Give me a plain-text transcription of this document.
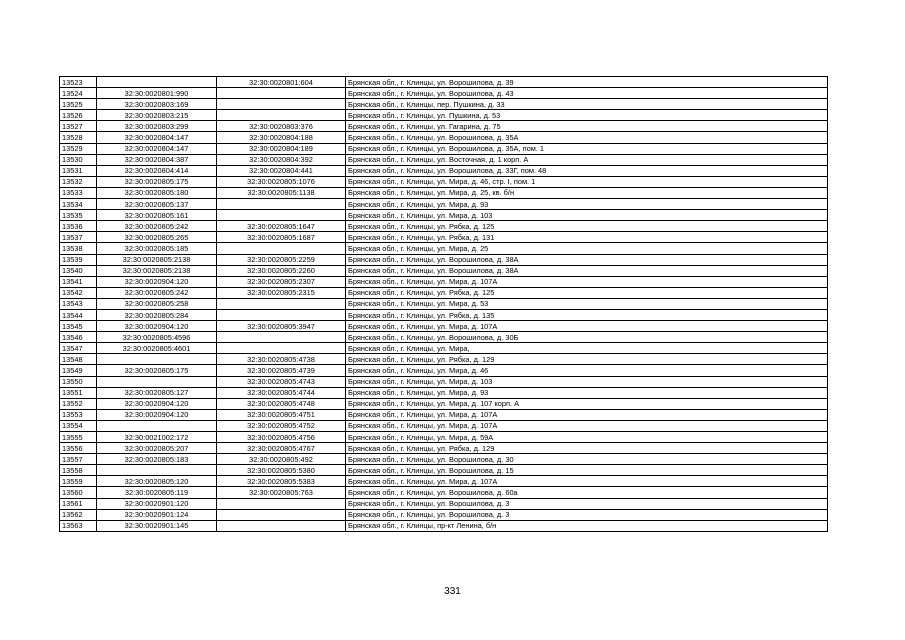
13523		32:30:0020801:604	Брянская обл., г. Клинцы, ул. Ворошилова, д. 39
13524	32:30:0020801:990		Брянская обл., г. Клинцы, ул. Ворошилова, д. 43
13525	32:30:0020803:169		Брянская обл., г. Клинцы, пер. Пушкина, д. 33
13526	32:30:0020803:215		Брянская обл., г. Клинцы, ул. Пушкина, д. 53
13527	32:30:0020803:299	32:30:0020803:376	Брянская обл., г. Клинцы, ул. Гагарина, д. 75
13528	32:30:0020804:147	32:30:0020804:188	Брянская обл., г. Клинцы, ул. Ворошилова, д. 35А
13529	32:30:0020804:147	32:30:0020804:189	Брянская обл., г. Клинцы, ул. Ворошилова, д. 35А, пом. 1
13530	32:30:0020804:387	32:30:0020804:392	Брянская обл., г. Клинцы, ул. Восточная, д. 1 корп. А
13531	32:30:0020804:414	32:30:0020804:441	Брянская обл., г. Клинцы, ул. Ворошилова, д. 33Г, пом. 48
13532	32:30:0020805:175	32:30:0020805:1076	Брянская обл., г. Клинцы, ул. Мира, д. 46, стр. I, пом. 1
13533	32:30:0020805:180	32:30:0020805:1138	Брянская обл., г. Клинцы, ул. Мира, д. 25, кв. б/н
13534	32:30:0020805:137		Брянская обл., г. Клинцы, ул. Мира, д. 93
13535	32:30:0020805:161		Брянская обл., г. Клинцы, ул. Мира, д. 103
13536	32:30:0020805:242	32:30:0020805:1647	Брянская обл., г. Клинцы, ул. Рябка, д. 125
13537	32:30:0020805:265	32:30:0020805:1687	Брянская обл., г. Клинцы, ул. Рябка, д. 131
13538	32:30:0020805:185		Брянская обл., г. Клинцы, ул. Мира, д. 25
13539	32:30:0020805:2138	32:30:0020805:2259	Брянская обл., г. Клинцы, ул. Ворошилова, д. 38А
13540	32:30:0020805:2138	32:30:0020805:2260	Брянская обл., г. Клинцы, ул. Ворошилова, д. 38А
13541	32:30:0020904:120	32:30:0020805:2307	Брянская обл., г. Клинцы, ул. Мира, д. 107А
13542	32:30:0020805:242	32:30:0020805:2315	Брянская обл., г. Клинцы, ул. Рябка, д. 125
13543	32:30:0020805:258		Брянская обл., г. Клинцы, ул. Мира, д. 53
13544	32:30:0020805:284		Брянская обл., г. Клинцы, ул. Рябка, д. 135
13545	32:30:0020904:120	32:30:0020805:3947	Брянская обл., г. Клинцы, ул. Мира, д. 107А
13546	32:30:0020805:4596		Брянская обл., г. Клинцы, ул. Ворошилова, д. 30Б
13547	32:30:0020805:4601		Брянская обл., г. Клинцы, ул. Мира,
13548		32:30:0020805:4738	Брянская обл., г. Клинцы, ул. Рябка, д. 129
13549	32:30:0020805:175	32:30:0020805:4739	Брянская обл., г. Клинцы, ул. Мира, д. 46
13550		32:30:0020805:4743	Брянская обл., г. Клинцы, ул. Мира, д. 103
13551	32:30:0020805:127	32:30:0020805:4744	Брянская обл., г. Клинцы, ул. Мира, д. 93
13552	32:30:0020904:120	32:30:0020805:4748	Брянская обл., г. Клинцы, ул. Мира, д. 107 корп. А
13553	32:30:0020904:120	32:30:0020805:4751	Брянская обл., г. Клинцы, ул. Мира, д. 107А
13554		32:30:0020805:4752	Брянская обл., г. Клинцы, ул. Мира, д. 107А
13555	32:30:0021002:172	32:30:0020805:4756	Брянская обл., г. Клинцы, ул. Мира, д. 59А
13556	32:30:0020805:207	32:30:0020805:4767	Брянская обл., г. Клинцы, ул. Рябка, д. 129
13557	32:30:0020805:183	32:30:0020805:492	Брянская обл., г. Клинцы, ул. Ворошилова, д. 30
13558		32:30:0020805:5380	Брянская обл., г. Клинцы, ул. Ворошилова, д. 15
13559	32:30:0020805:120	32:30:0020805:5383	Брянская обл., г. Клинцы, ул. Мира, д. 107А
13560	32:30:0020805:119	32:30:0020805:763	Брянская обл., г. Клинцы, ул. Ворошилова, д. 60а
13561	32:30:0020901:120		Брянская обл., г. Клинцы, ул. Ворошилова, д. 3
13562	32:30:0020901:124		Брянская обл., г. Клинцы, ул. Ворошилова, д. 3
13563	32:30:0020901:145		Брянская обл., г. Клинцы, пр-кт Ленина, б/н
331
